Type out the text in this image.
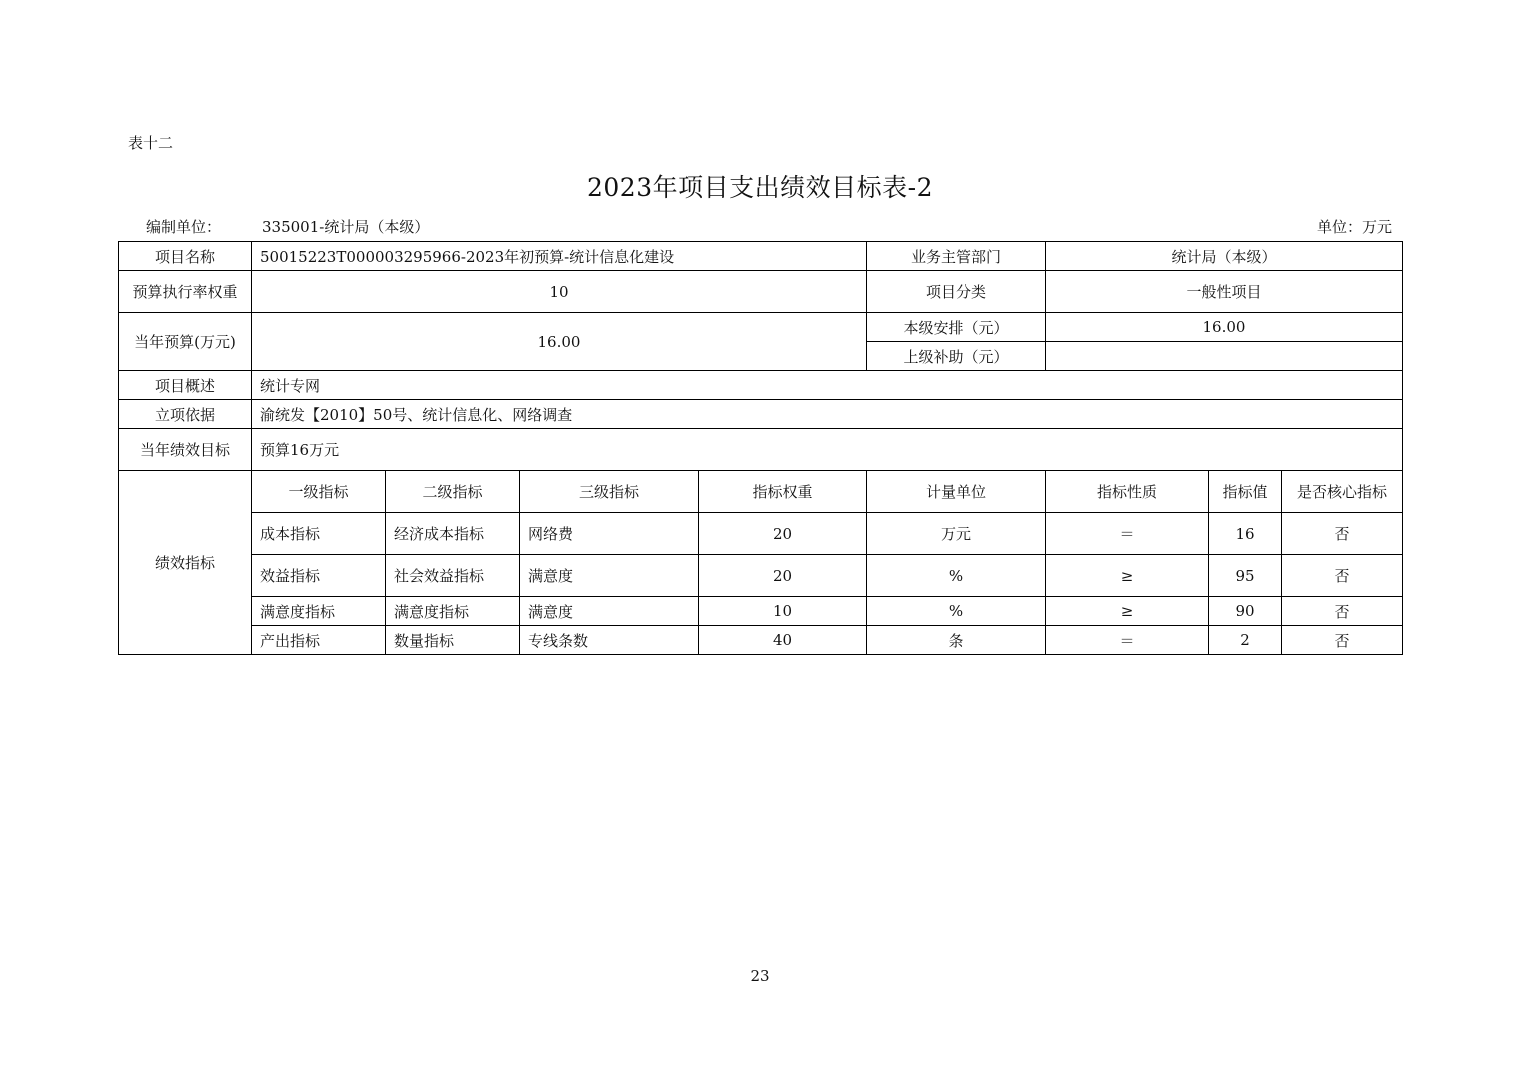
表十二
2023年项目支出绩效目标表-2
编制单位：	335001-统计局（本级）	单位：万元
项目名称	50015223T000003295966-2023年初预算-统计信息化建设				业务主管部门	统计局（本级）		
预算执行率权重	10				项目分类	一般性项目		
当年预算(万元)	16.00				本级安排（元）	16.00		
					上级补助（元）			
项目概述	统计专网							
立项依据	渝统发【2010】50号、统计信息化、网络调查							
当年绩效目标	预算16万元							
绩效指标	一级指标	二级指标	三级指标	指标权重	计量单位	指标性质	指标值	是否核心指标
	成本指标	经济成本指标	网络费	20	万元	＝	16	否
	效益指标	社会效益指标	满意度	20	%	≥	95	否
	满意度指标	满意度指标	满意度	10	%	≥	90	否
	产出指标	数量指标	专线条数	40	条	＝	2	否
23
